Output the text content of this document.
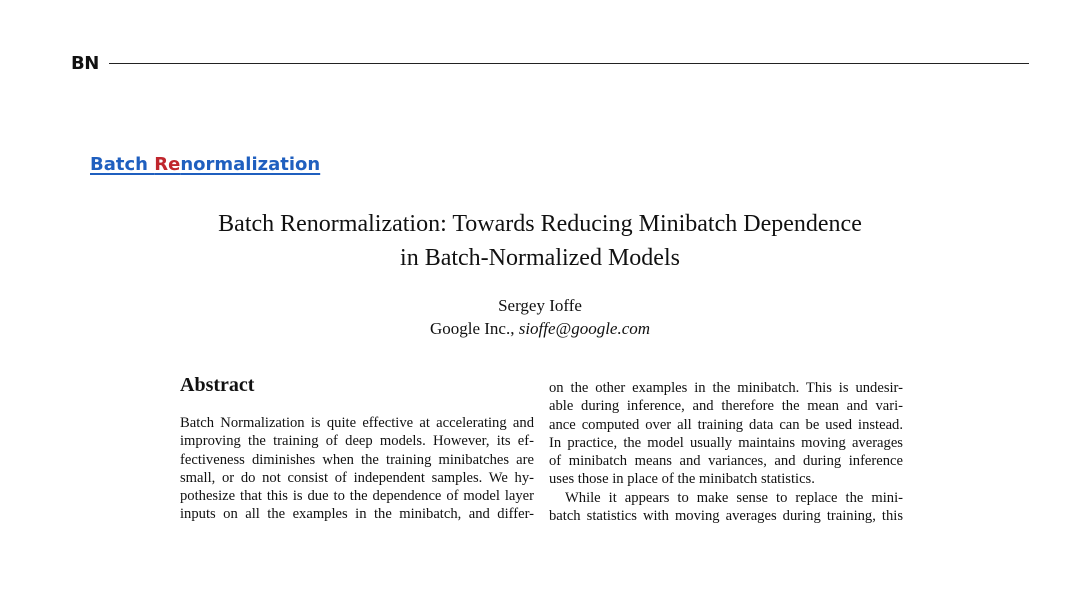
BN
Batch Renormalization
Batch Renormalization: Towards Reducing Minibatch Dependence
in Batch-Normalized Models
Sergey Ioffe
Google Inc., sioffe@google.com
Abstract
Batch Normalization is quite effective at accelerating and
improving the training of deep models. However, its ef-
fectiveness diminishes when the training minibatches are
small, or do not consist of independent samples. We hy-
pothesize that this is due to the dependence of model layer
inputs on all the examples in the minibatch, and differ-
on the other examples in the minibatch. This is undesir-
able during inference, and therefore the mean and vari-
ance computed over all training data can be used instead.
In practice, the model usually maintains moving averages
of minibatch means and variances, and during inference
uses those in place of the minibatch statistics.
While it appears to make sense to replace the mini-
batch statistics with moving averages during training, this
